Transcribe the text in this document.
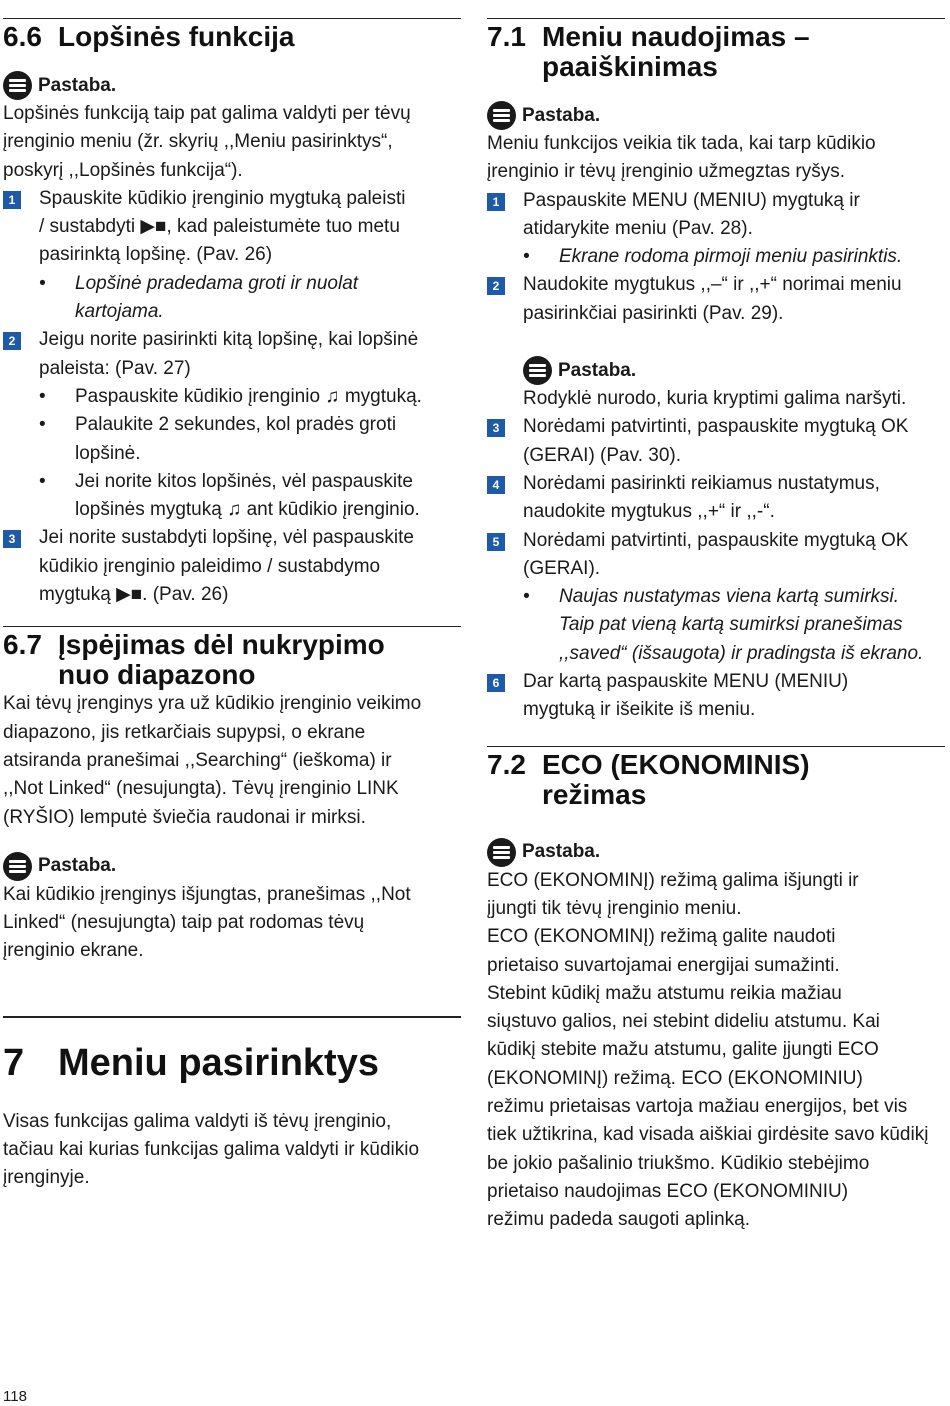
6.6 Lopšinės funkcija
Pastaba.
Lopšinės funkciją taip pat galima valdyti per tėvų
įrenginio meniu (žr. skyrių ,,Meniu pasirinktys“,
poskyrį ,,Lopšinės funkcija“).
1 Spauskite kūdikio įrenginio mygtuką paleisti
/ sustabdyti ▶■, kad paleistumėte tuo metu
pasirinktą lopšinę. (Pav. 26)
• Lopšinė pradedama groti ir nuolat
kartojama.
2 Jeigu norite pasirinkti kitą lopšinę, kai lopšinė
paleista: (Pav. 27)
• Paspauskite kūdikio įrenginio ♫ mygtuką.
• Palaukite 2 sekundes, kol pradės groti
lopšinė.
• Jei norite kitos lopšinės, vėl paspauskite
lopšinės mygtuką ♫ ant kūdikio įrenginio.
3 Jei norite sustabdyti lopšinę, vėl paspauskite
kūdikio įrenginio paleidimo / sustabdymo
mygtuką ▶■. (Pav. 26)
6.7 Įspėjimas dėl nukrypimo
nuo diapazono
Kai tėvų įrenginys yra už kūdikio įrenginio veikimo
diapazono, jis retkarčiais supypsi, o ekrane
atsiranda pranešimai ,,Searching“ (ieškoma) ir
,,Not Linked“ (nesujungta). Tėvų įrenginio LINK
(RYŠIO) lemputė šviečia raudonai ir mirksi.
Pastaba.
Kai kūdikio įrenginys išjungtas, pranešimas ,,Not
Linked“ (nesujungta) taip pat rodomas tėvų
įrenginio ekrane.
7 Meniu pasirinktys
Visas funkcijas galima valdyti iš tėvų įrenginio,
tačiau kai kurias funkcijas galima valdyti ir kūdikio
įrenginyje.
7.1 Meniu naudojimas –
paaiškinimas
Pastaba.
Meniu funkcijos veikia tik tada, kai tarp kūdikio
įrenginio ir tėvų įrenginio užmegztas ryšys.
1 Paspauskite MENU (MENIU) mygtuką ir
atidarykite meniu (Pav. 28).
• Ekrane rodoma pirmoji meniu pasirinktis.
2 Naudokite mygtukus ,,–“ ir ,,+“ norimai meniu
pasirinkčiai pasirinkti (Pav. 29).
Pastaba.
Rodyklė nurodo, kuria kryptimi galima naršyti.
3 Norėdami patvirtinti, paspauskite mygtuką OK
(GERAI) (Pav. 30).
4 Norėdami pasirinkti reikiamus nustatymus,
naudokite mygtukus ,,+“ ir ,,-“.
5 Norėdami patvirtinti, paspauskite mygtuką OK
(GERAI).
• Naujas nustatymas viena kartą sumirksi.
Taip pat vieną kartą sumirksi pranešimas
,,saved“ (išsaugota) ir pradingsta iš ekrano.
6 Dar kartą paspauskite MENU (MENIU)
mygtuką ir išeikite iš meniu.
7.2 ECO (EKONOMINIS)
režimas
Pastaba.
ECO (EKONOMINĮ) režimą galima išjungti ir
įjungti tik tėvų įrenginio meniu.
ECO (EKONOMINĮ) režimą galite naudoti
prietaiso suvartojamai energijai sumažinti.
Stebint kūdikį mažu atstumu reikia mažiau
siųstuvo galios, nei stebint dideliu atstumu. Kai
kūdikį stebite mažu atstumu, galite įjungti ECO
(EKONOMINĮ) režimą. ECO (EKONOMINIU)
režimu prietaisas vartoja mažiau energijos, bet vis
tiek užtikrina, kad visada aiškiai girdėsite savo kūdikį
be jokio pašalinio triukšmo. Kūdikio stebėjimo
prietaiso naudojimas ECO (EKONOMINIU)
režimu padeda saugoti aplinką.
118
